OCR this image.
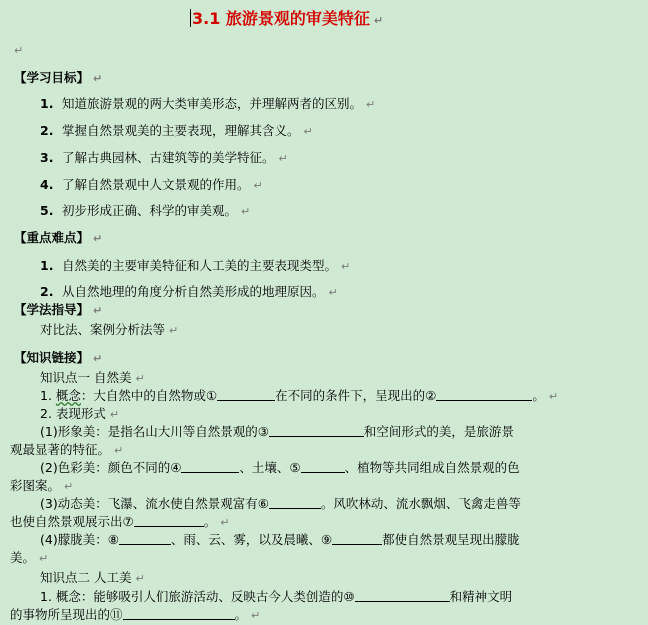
3.1 旅游景观的审美特征 ↵
↵
【学习目标】 ↵
1. 知道旅游景观的两大类审美形态，并理解两者的区别。 ↵
2. 掌握自然景观美的主要表现，理解其含义。 ↵
3. 了解古典园林、古建筑等的美学特征。 ↵
4. 了解自然景观中人文景观的作用。 ↵
5. 初步形成正确、科学的审美观。 ↵
【重点难点】 ↵
1. 自然美的主要审美特征和人工美的主要表现类型。 ↵
2. 从自然地理的角度分析自然美形成的地理原因。 ↵
【学法指导】 ↵
对比法、案例分析法等 ↵
【知识链接】 ↵
知识点一 自然美 ↵
1. 概念：大自然中的自然物或①	在不同的条件下，呈现出的②	。 ↵
2. 表现形式 ↵
(1)形象美：是指名山大川等自然景观的③	和空间形式的美，是旅游景
观最显著的特征。 ↵
(2)色彩美：颜色不同的④	、土壤、⑤	、植物等共同组成自然景观的色
彩图案。 ↵
(3)动态美：飞瀑、流水使自然景观富有⑥	。风吹林动、流水飘烟、飞禽走兽等
也使自然景观展示出⑦	。 ↵
(4)朦胧美：⑧	、雨、云、雾，以及晨曦、⑨	都使自然景观呈现出朦胧
美。 ↵
知识点二 人工美 ↵
1. 概念：能够吸引人们旅游活动、反映古今人类创造的⑩	和精神文明
的事物所呈现出的⑪	。 ↵
